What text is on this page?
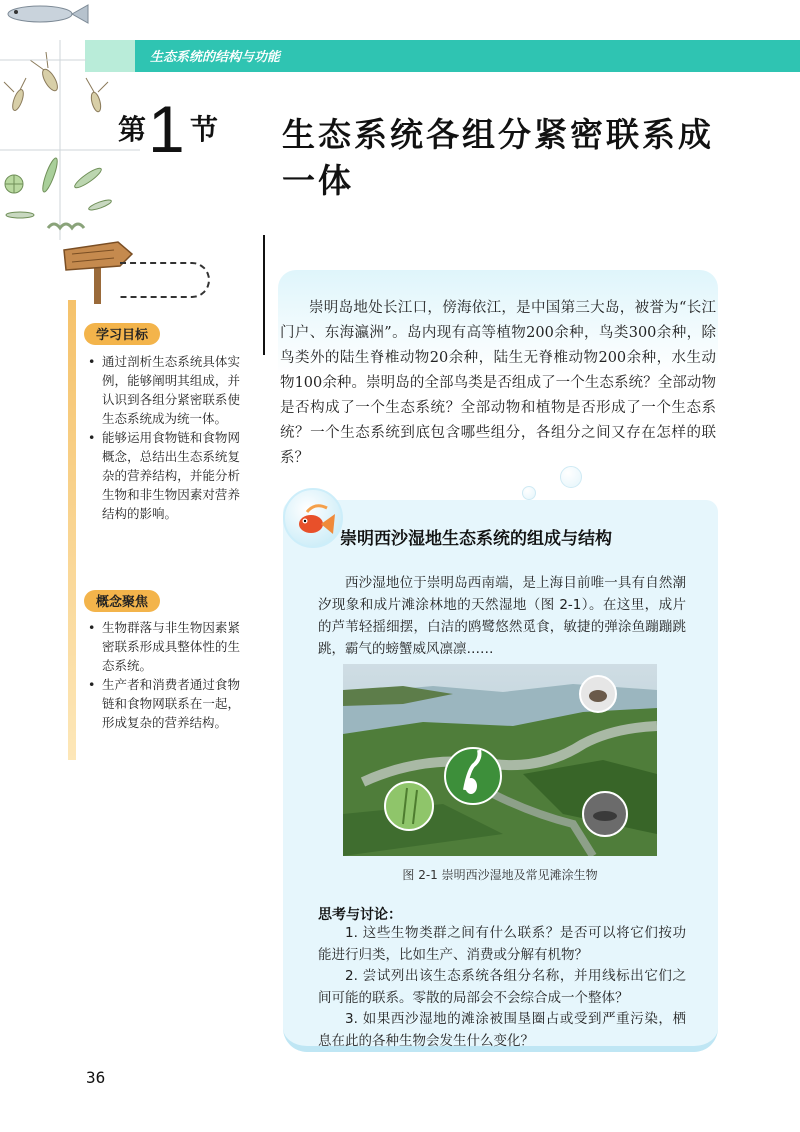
生态系统的结构与功能
第 1 节 生态系统各组分紧密联系成一体
学习目标
• 通过剖析生态系统具体实例，能够阐明其组成，并认识到各组分紧密联系使生态系统成为统一体。
• 能够运用食物链和食物网概念，总结出生态系统复杂的营养结构，并能分析生物和非生物因素对营养结构的影响。
概念聚焦
• 生物群落与非生物因素紧密联系形成具整体性的生态系统。
• 生产者和消费者通过食物链和食物网联系在一起，形成复杂的营养结构。

崇明岛地处长江口，傍海依江，是中国第三大岛，被誉为“长江门户、东海瀛洲”。岛内现有高等植物200余种，鸟类300余种，除鸟类外的陆生脊椎动物20余种，陆生无脊椎动物200余种，水生动物100余种。崇明岛的全部鸟类是否组成了一个生态系统？全部动物是否构成了一个生态系统？全部动物和植物是否形成了一个生态系统？一个生态系统到底包含哪些组分，各组分之间又存在怎样的联系？

崇明西沙湿地生态系统的组成与结构

西沙湿地位于崇明岛西南端，是上海目前唯一具有自然潮汐现象和成片滩涂林地的天然湿地（图 2-1）。在这里，成片的芦苇轻摇细摆，白洁的鸥鹭悠然觅食，敏捷的弹涂鱼蹦蹦跳跳，霸气的螃蟹威风凛凛……

图 2-1 崇明西沙湿地及常见滩涂生物
思考与讨论：

1. 这些生物类群之间有什么联系？是否可以将它们按功能进行归类，比如生产、消费或分解有机物？

2. 尝试列出该生态系统各组分名称，并用线标出它们之间可能的联系。零散的局部会不会综合成一个整体？

3. 如果西沙湿地的滩涂被围垦圈占或受到严重污染，栖息在此的各种生物会发生什么变化？

36
